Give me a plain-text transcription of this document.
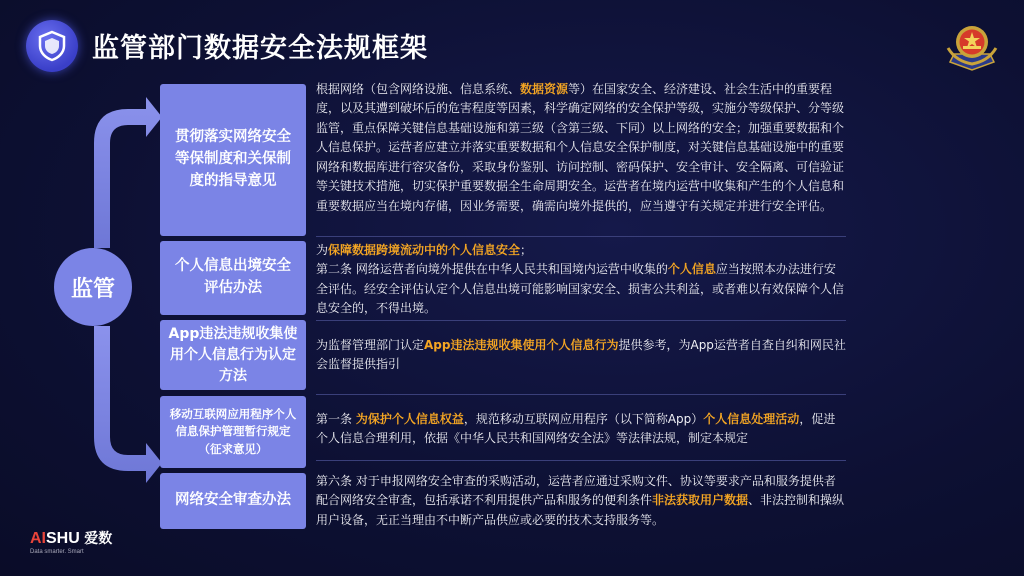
监管部门数据安全法规框架
监管
贯彻落实网络安全等保制度和关保制度的指导意见
个人信息出境安全评估办法
App违法违规收集使用个人信息行为认定方法
移动互联网应用程序个人信息保护管理暂行规定（征求意见）
网络安全审查办法
根据网络（包含网络设施、信息系统、数据资源等）在国家安全、经济建设、社会生活中的重要程度，以及其遭到破坏后的危害程度等因素，科学确定网络的安全保护等级，实施分等级保护、分等级监管，重点保障关键信息基础设施和第三级（含第三级、下同）以上网络的安全；加强重要数据和个人信息保护。运营者应建立并落实重要数据和个人信息安全保护制度，对关键信息基础设施中的重要网络和数据库进行容灾备份，采取身份鉴别、访问控制、密码保护、安全审计、安全隔离、可信验证等关键技术措施，切实保护重要数据全生命周期安全。运营者在境内运营中收集和产生的个人信息和重要数据应当在境内存储，因业务需要，确需向境外提供的，应当遵守有关规定并进行安全评估。
为保障数据跨境流动中的个人信息安全；
第二条 网络运营者向境外提供在中华人民共和国境内运营中收集的个人信息应当按照本办法进行安全评估。经安全评估认定个人信息出境可能影响国家安全、损害公共利益，或者难以有效保障个人信息安全的，不得出境。
为监督管理部门认定App违法违规收集使用个人信息行为提供参考，为App运营者自查自纠和网民社会监督提供指引
第一条 为保护个人信息权益，规范移动互联网应用程序（以下简称App）个人信息处理活动，促进个人信息合理利用，依据《中华人民共和国网络安全法》等法律法规，制定本规定
第六条 对于申报网络安全审查的采购活动，运营者应通过采购文件、协议等要求产品和服务提供者配合网络安全审查，包括承诺不利用提供产品和服务的便利条件非法获取用户数据、非法控制和操纵用户设备，无正当理由不中断产品供应或必要的技术支持服务等。
AISHU 爱数
Data smarter. Smart
